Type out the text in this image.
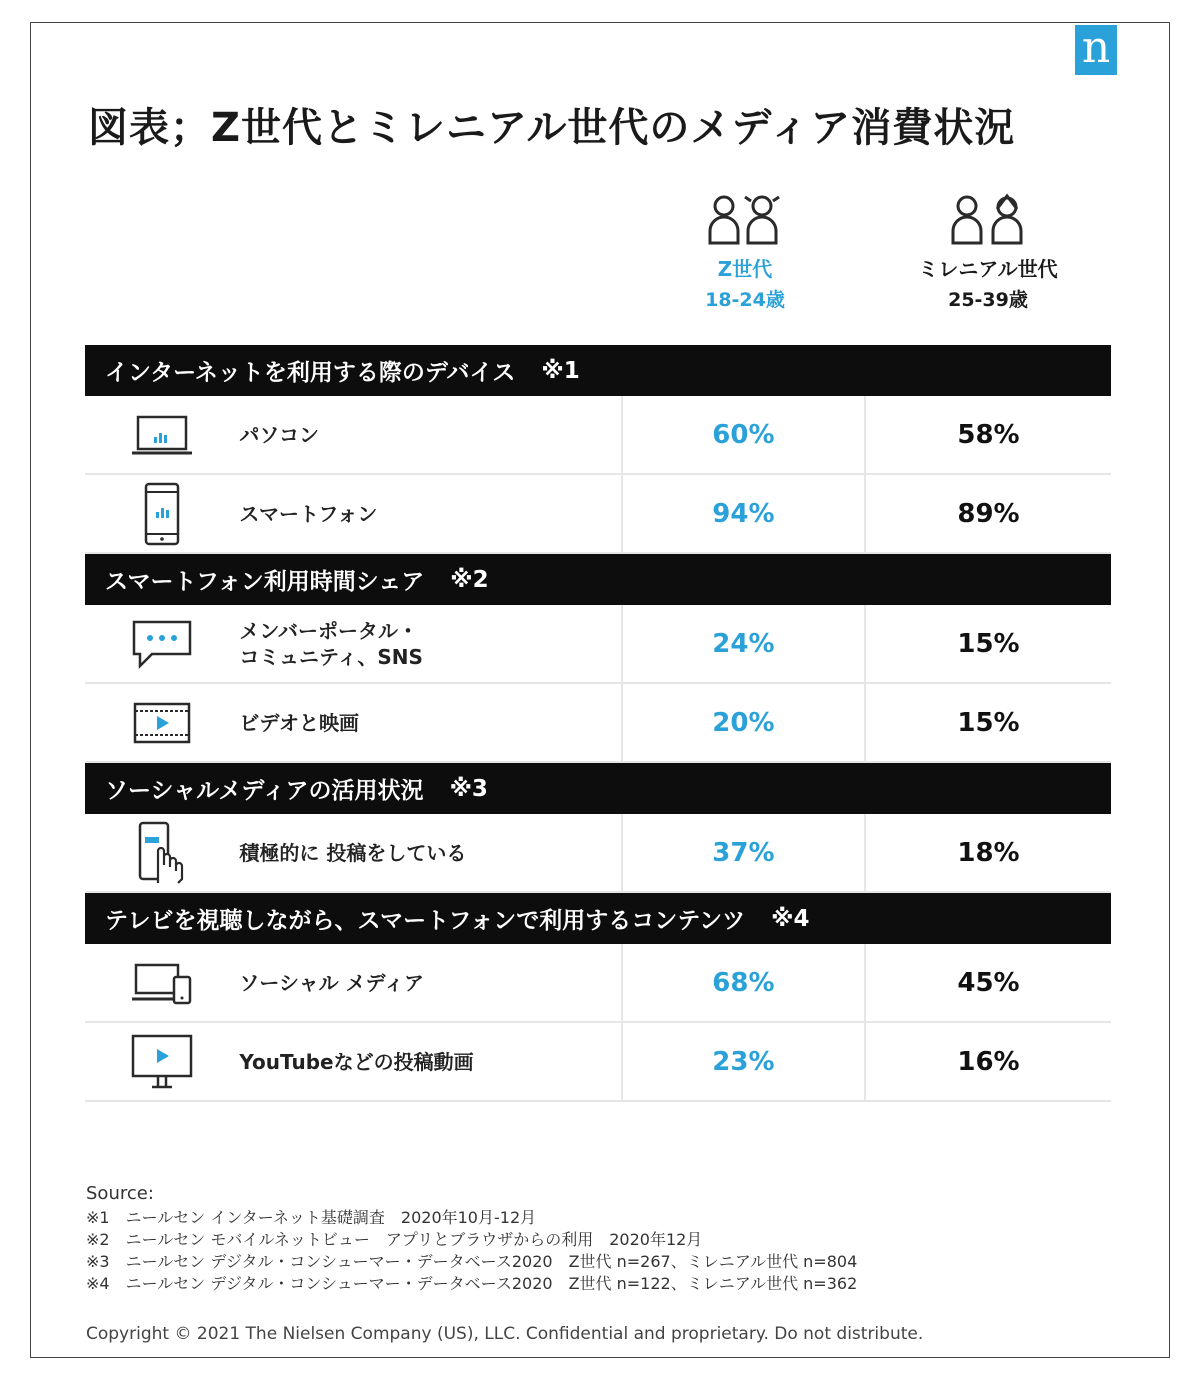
n
図表；Z世代とミレニアル世代のメディア消費状況
Z世代
18-24歳
ミレニアル世代
25-39歳
インターネットを利用する際のデバイス ※1
パソコン	60%	58%
スマートフォン	94%	89%
スマートフォン利用時間シェア ※2
メンバーポータル・
コミュニティ、SNS	24%	15%
ビデオと映画	20%	15%
ソーシャルメディアの活用状況 ※3
積極的に 投稿をしている	37%	18%
テレビを視聴しながら、スマートフォンで利用するコンテンツ ※4
ソーシャル メディア	68%	45%
YouTubeなどの投稿動画	23%	16%
Source:
※1　ニールセン インターネット基礎調査　2020年10月-12月
※2　ニールセン モバイルネットビュー　アプリとブラウザからの利用　2020年12月
※3　ニールセン デジタル・コンシューマー・データベース2020　Z世代 n=267、ミレニアル世代 n=804
※4　ニールセン デジタル・コンシューマー・データベース2020　Z世代 n=122、ミレニアル世代 n=362
Copyright © 2021 The Nielsen Company (US), LLC. Confidential and proprietary. Do not distribute.
